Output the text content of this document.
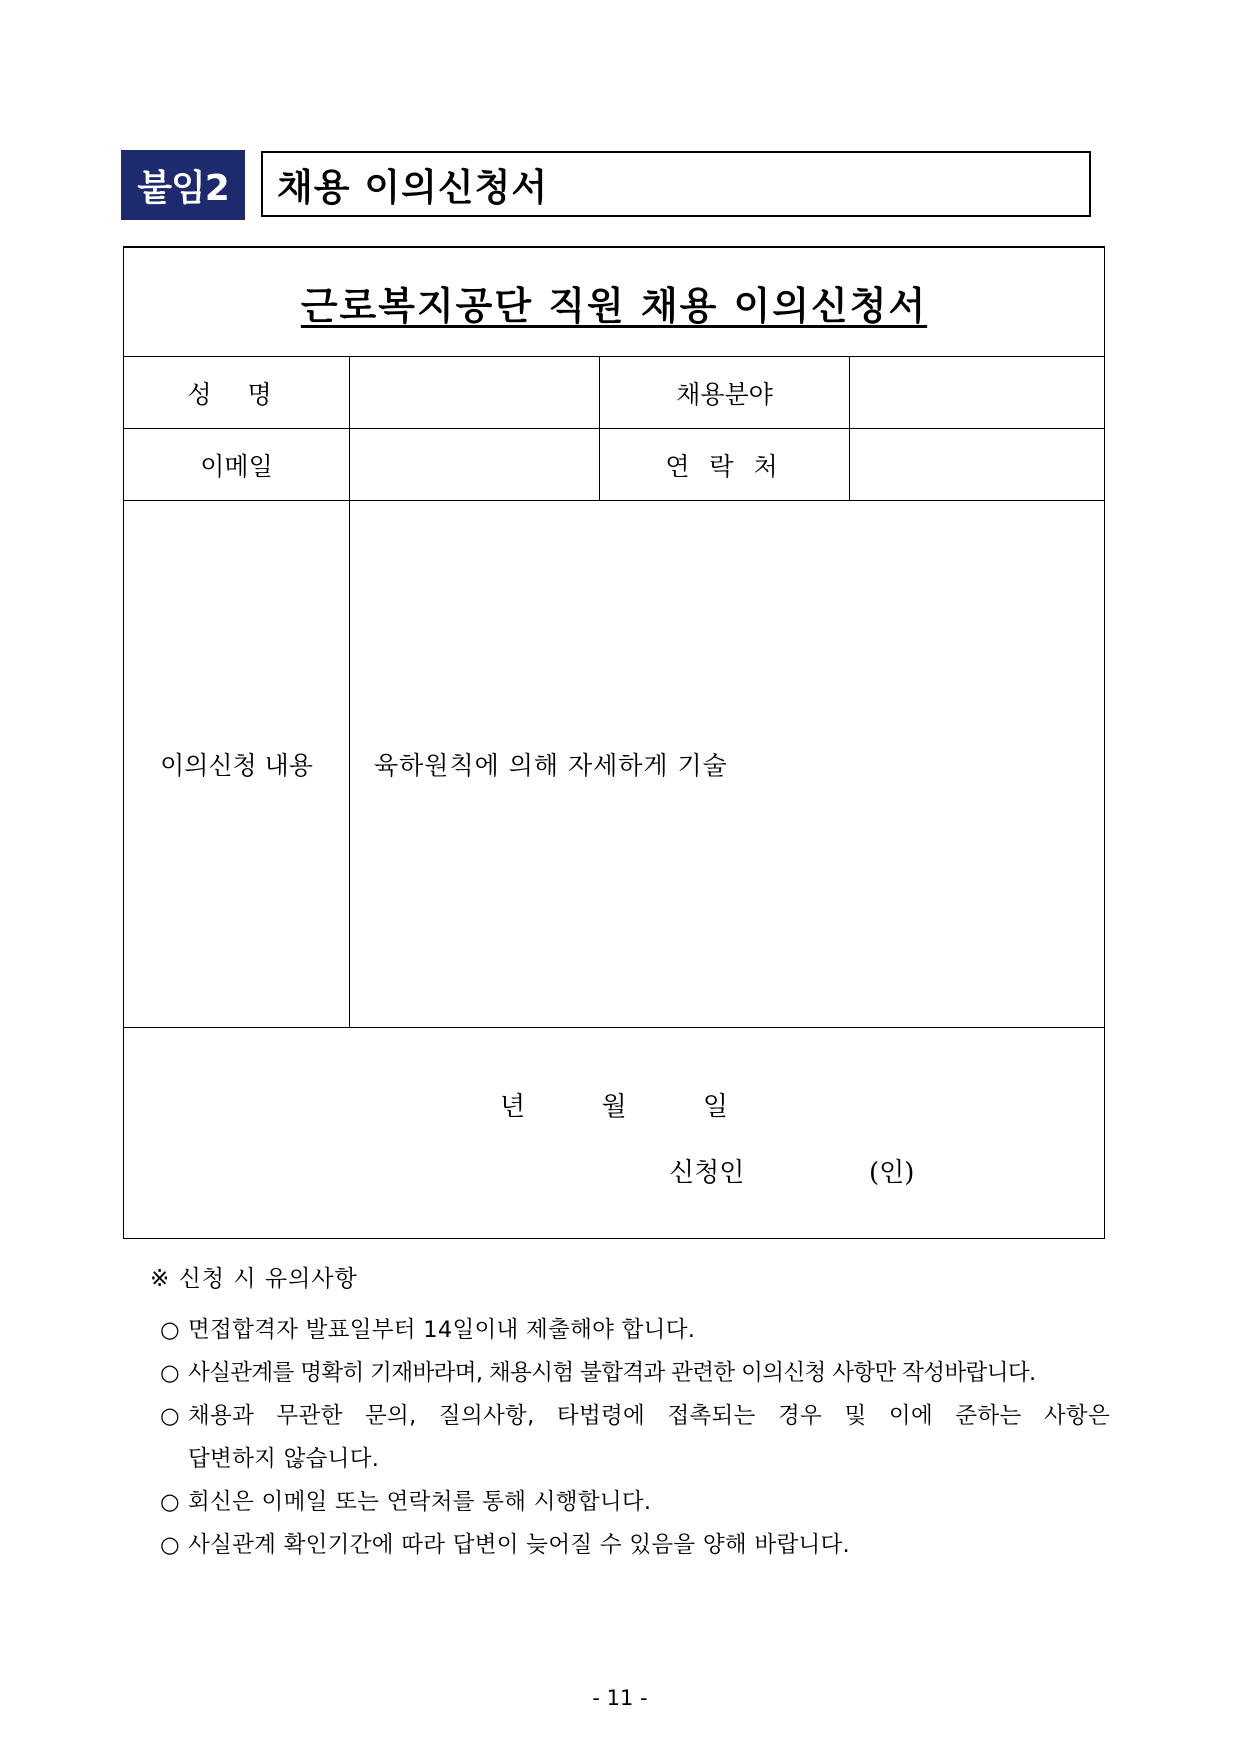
붙임2	채용 이의신청서
근로복지공단 직원 채용 이의신청서			
성 명		채용분야	
이메일		연 락 처	
이의신청 내용	육하원칙에 의해 자세하게 기술		

년 월 일
신청인 (인)			
※ 신청 시 유의사항
○ 면접합격자 발표일부터 14일이내 제출해야 합니다.
○ 사실관계를 명확히 기재바라며, 채용시험 불합격과 관련한 이의신청 사항만 작성바랍니다.
○ 채용과 무관한 문의, 질의사항, 타법령에 접촉되는 경우 및 이에 준하는 사항은
답변하지 않습니다.
○ 회신은 이메일 또는 연락처를 통해 시행합니다.
○ 사실관계 확인기간에 따라 답변이 늦어질 수 있음을 양해 바랍니다.
- 11 -
